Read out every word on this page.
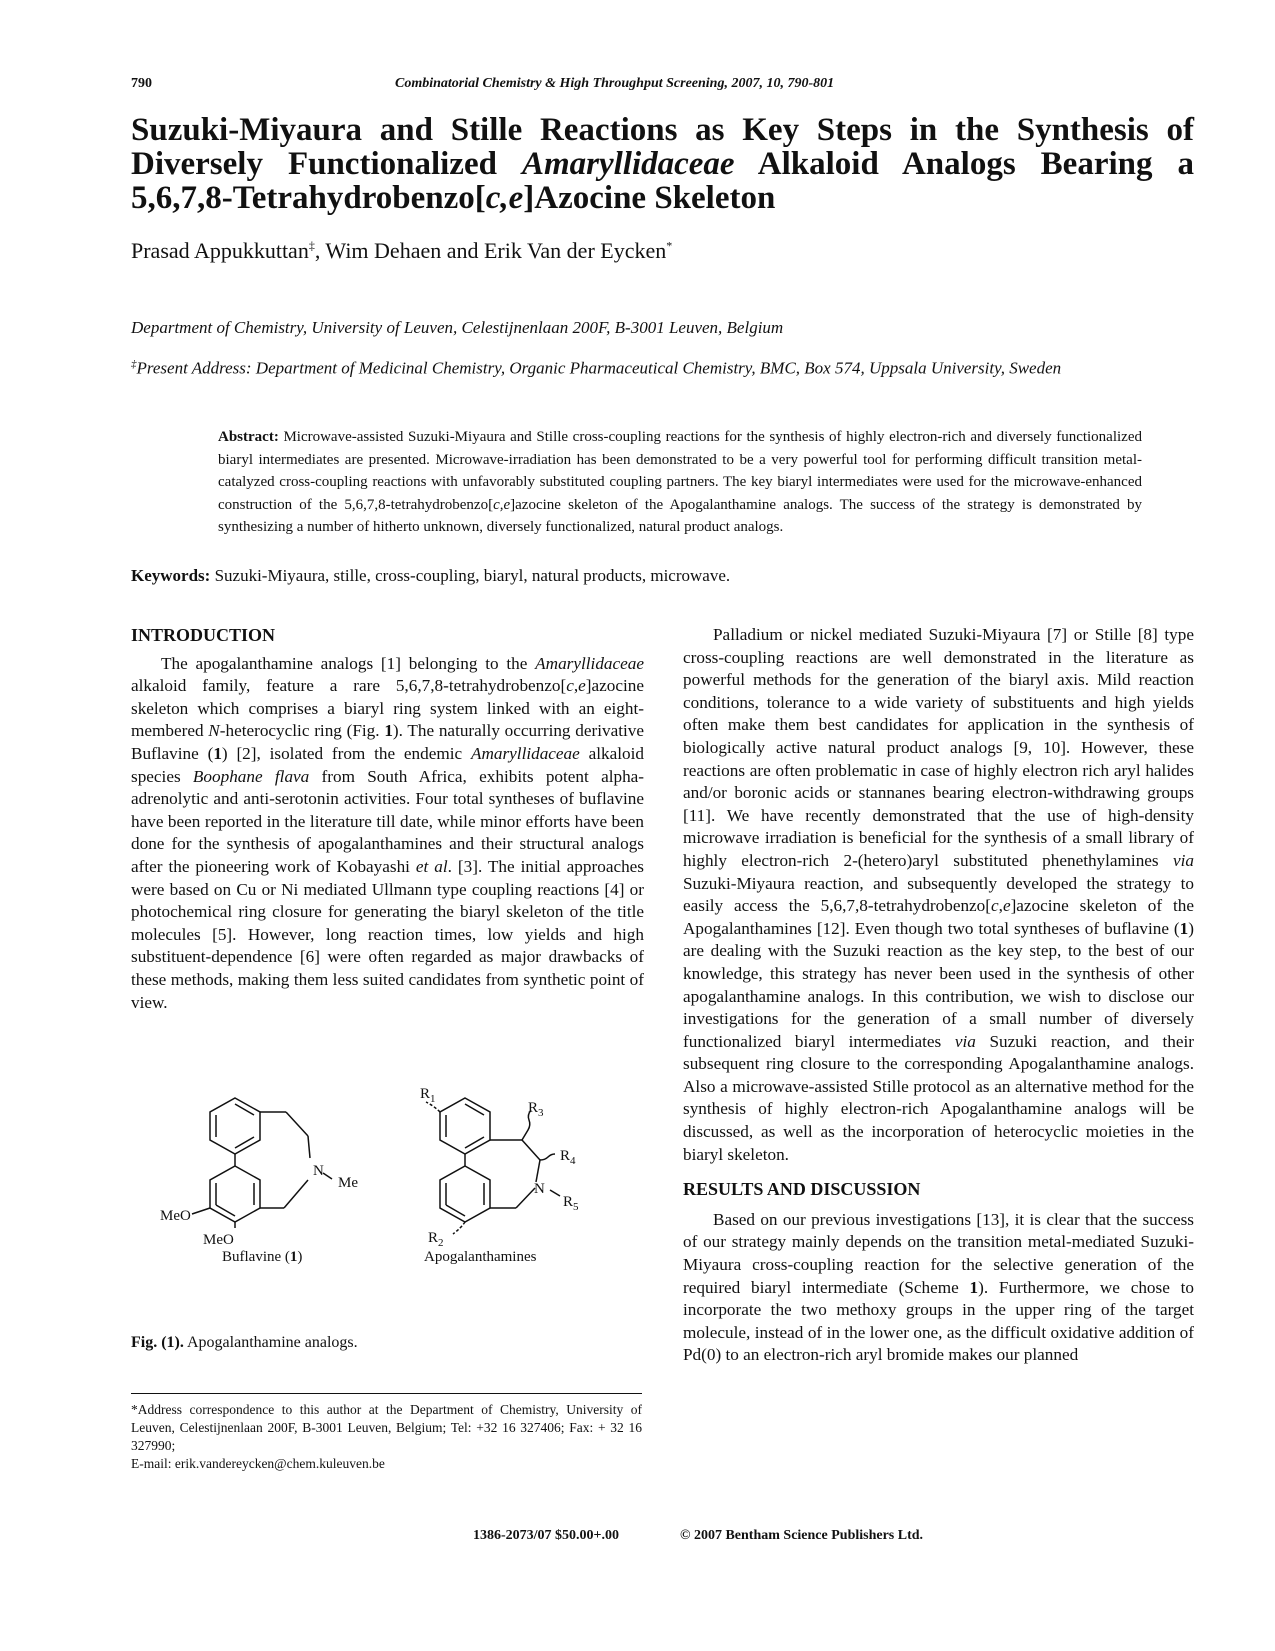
790	Combinatorial Chemistry & High Throughput Screening, 2007, 10, 790-801
Suzuki-Miyaura and Stille Reactions as Key Steps in the Synthesis of Diversely Functionalized Amaryllidaceae Alkaloid Analogs Bearing a 5,6,7,8-Tetrahydrobenzo[c,e]Azocine Skeleton
Prasad Appukkuttan‡, Wim Dehaen and Erik Van der Eycken*
Department of Chemistry, University of Leuven, Celestijnenlaan 200F, B-3001 Leuven, Belgium
‡Present Address: Department of Medicinal Chemistry, Organic Pharmaceutical Chemistry, BMC, Box 574, Uppsala University, Sweden
Abstract: Microwave-assisted Suzuki-Miyaura and Stille cross-coupling reactions for the synthesis of highly electron-rich and diversely functionalized biaryl intermediates are presented. Microwave-irradiation has been demonstrated to be a very powerful tool for performing difficult transition metal-catalyzed cross-coupling reactions with unfavorably substituted coupling partners. The key biaryl intermediates were used for the microwave-enhanced construction of the 5,6,7,8-tetrahydrobenzo[c,e]azocine skeleton of the Apogalanthamine analogs. The success of the strategy is demonstrated by synthesizing a number of hitherto unknown, diversely functionalized, natural product analogs.
Keywords: Suzuki-Miyaura, stille, cross-coupling, biaryl, natural products, microwave.
INTRODUCTION

The apogalanthamine analogs [1] belonging to the Amaryllidaceae alkaloid family, feature a rare 5,6,7,8-tetrahydrobenzo[c,e]azocine skeleton which comprises a biaryl ring system linked with an eight-membered N-heterocyclic ring (Fig. 1). The naturally occurring derivative Buflavine (1) [2], isolated from the endemic Amaryllidaceae alkaloid species Boophane flava from South Africa, exhibits potent alpha-adrenolytic and anti-serotonin activities. Four total syntheses of buflavine have been reported in the literature till date, while minor efforts have been done for the synthesis of apogalanthamines and their structural analogs after the pioneering work of Kobayashi et al. [3]. The initial approaches were based on Cu or Ni mediated Ullmann type coupling reactions [4] or photochemical ring closure for generating the biaryl skeleton of the title molecules [5]. However, long reaction times, low yields and high substituent-dependence [6] were often regarded as major drawbacks of these methods, making them less suited candidates from synthetic point of view.

N
Me
MeO
MeO
Buflavine (1)
$R_1$
$R_3$
$R_4$
N
$R_5$
$R_2$
Apogalanthamines
Fig. (1). Apogalanthamine analogs.
*Address correspondence to this author at the Department of Chemistry, University of Leuven, Celestijnenlaan 200F, B-3001 Leuven, Belgium; Tel: +32 16 327406; Fax: + 32 16 327990;
E-mail: erik.vandereycken@chem.kuleuven.be

Palladium or nickel mediated Suzuki-Miyaura [7] or Stille [8] type cross-coupling reactions are well demonstrated in the literature as powerful methods for the generation of the biaryl axis. Mild reaction conditions, tolerance to a wide variety of substituents and high yields often make them best candidates for application in the synthesis of biologically active natural product analogs [9, 10]. However, these reactions are often problematic in case of highly electron rich aryl halides and/or boronic acids or stannanes bearing electron-withdrawing groups [11]. We have recently demonstrated that the use of high-density microwave irradiation is beneficial for the synthesis of a small library of highly electron-rich 2-(hetero)aryl substituted phenethylamines via Suzuki-Miyaura reaction, and subsequently developed the strategy to easily access the 5,6,7,8-tetrahydrobenzo[c,e]azocine skeleton of the Apogalanthamines [12]. Even though two total syntheses of buflavine (1) are dealing with the Suzuki reaction as the key step, to the best of our knowledge, this strategy has never been used in the synthesis of other apogalanthamine analogs. In this contribution, we wish to disclose our investigations for the generation of a small number of diversely functionalized biaryl intermediates via Suzuki reaction, and their subsequent ring closure to the corresponding Apogalanthamine analogs. Also a microwave-assisted Stille protocol as an alternative method for the synthesis of highly electron-rich Apogalanthamine analogs will be discussed, as well as the incorporation of heterocyclic moieties in the biaryl skeleton.

RESULTS AND DISCUSSION

Based on our previous investigations [13], it is clear that the success of our strategy mainly depends on the transition metal-mediated Suzuki-Miyaura cross-coupling reaction for the selective generation of the required biaryl intermediate (Scheme 1). Furthermore, we chose to incorporate the two methoxy groups in the upper ring of the target molecule, instead of in the lower one, as the difficult oxidative addition of Pd(0) to an electron-rich aryl bromide makes our planned

1386-2073/07 $50.00+.00	© 2007 Bentham Science Publishers Ltd.
